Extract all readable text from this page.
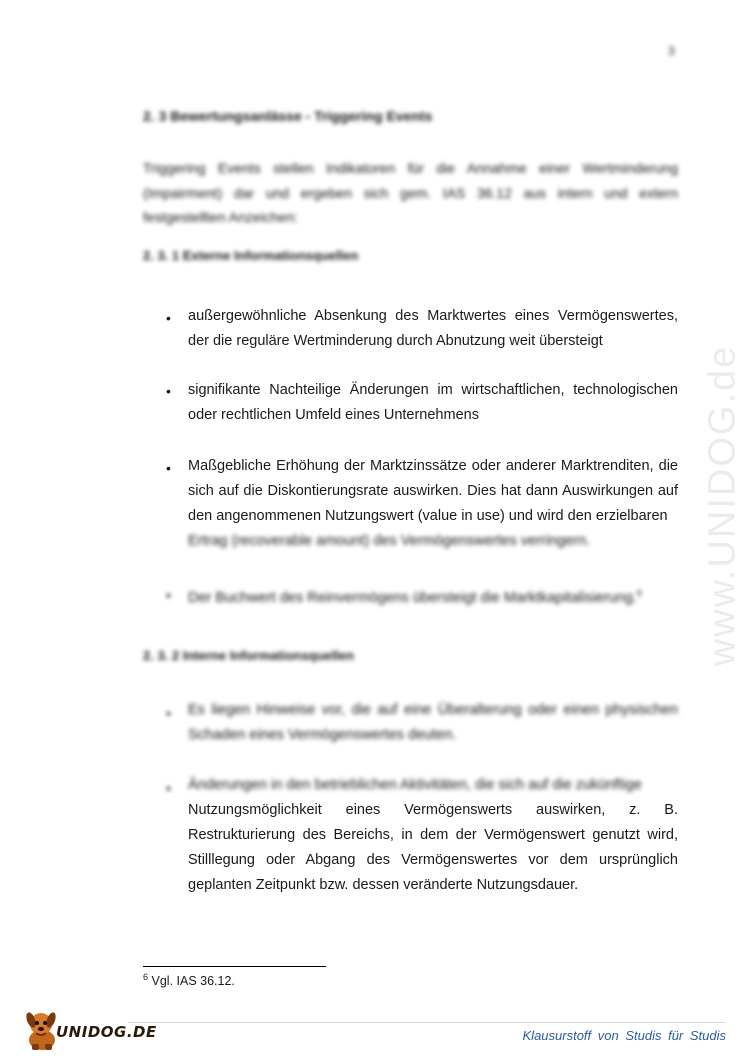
3
www.UNIDOG.de
2. 3 Bewertungsanlässe - Triggering Events
Triggering Events stellen Indikatoren für die Annahme einer Wertminderung (Impairment) dar und ergeben sich gem. IAS 36.12 aus intern und extern festgestellten Anzeichen:
2. 3. 1 Externe Informationsquellen
• außergewöhnliche Absenkung des Marktwertes eines Vermögenswertes, der die reguläre Wertminderung durch Abnutzung weit übersteigt
• signifikante Nachteilige Änderungen im wirtschaftlichen, technologischen oder rechtlichen Umfeld eines Unternehmens
• Maßgebliche Erhöhung der Marktzinssätze oder anderer Marktrenditen, die sich auf die Diskontierungsrate auswirken. Dies hat dann Auswirkungen auf den angenommenen Nutzungswert (value in use) und wird den erzielbaren
Ertrag (recoverable amount) des Vermögenswertes verringern.
• Der Buchwert des Reinvermögens übersteigt die Marktkapitalisierung.$^6$
2. 3. 2 Interne Informationsquellen
• Es liegen Hinweise vor, die auf eine Überalterung oder einen physischen Schaden eines Vermögenswertes deuten.
• Änderungen in den betrieblichen Aktivitäten, die sich auf die zukünftige
Nutzungsmöglichkeit eines Vermögenswerts auswirken, z. B. Restrukturierung des Bereichs, in dem der Vermögenswert genutzt wird, Stilllegung oder Abgang des Vermögenswertes vor dem ursprünglich geplanten Zeitpunkt bzw. dessen veränderte Nutzungsdauer.
$^6$ Vgl. IAS 36.12.
UNIDOG.DE	Klausurstoff von Studis für Studis
